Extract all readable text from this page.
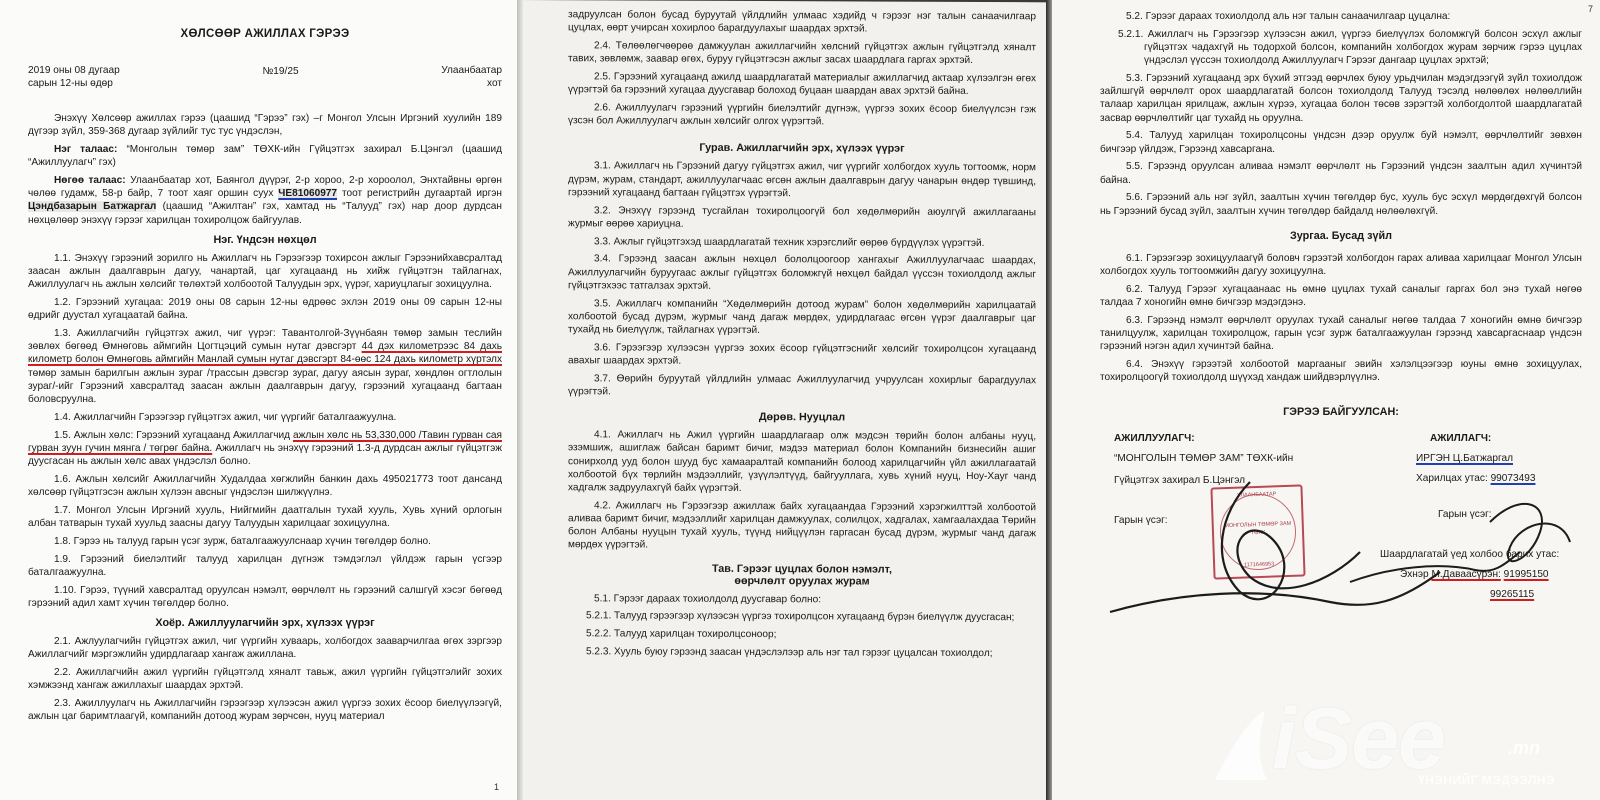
ХӨЛСӨӨР АЖИЛЛАХ ГЭРЭЭ
2019 оны 08 дугаар
сарын 12-ны өдөр
№19/25	Улаанбаатар
хот
Энэхүү Хөлсөөр ажиллах гэрээ (цаашид “Гэрээ” гэх) –г Монгол Улсын Иргэний хуулийн 189 дүгээр зүйл, 359-368 дугаар зүйлийг тус тус үндэслэн,
Нэг талаас: “Монголын төмөр зам” ТӨХК-ийн Гүйцэтгэх захирал Б.Цэнгэл (цаашид “Ажиллуулагч” гэх)
Нөгөө талаас: Улаанбаатар хот, Баянгол дүүрэг, 2-р хороо, 2-р хороолол, Энхтайвны өргөн чөлөө гудамж, 58-р байр, 7 тоот хаяг оршин суух ЧЕ81060977 тоот регистрийн дугаартай иргэн Цэндбазарын Батжаргал (цаашид “Ажилтан” гэх, хамтад нь “Талууд” гэх) нар доор дурдсан нөхцөлөөр энэхүү гэрээг харилцан тохиролцож байгуулав.
Нэг. Үндсэн нөхцөл
1.1. Энэхүү гэрээний зорилго нь Ажиллагч нь Гэрээгээр тохирсон ажлыг Гэрээнийхавсралтад заасан ажлын даалгаврын дагуу, чанартай, цаг хугацаанд нь хийж гүйцэтгэн тайлагнах, Ажиллуулагч нь ажлын хөлсийг төлөхтэй холбоотой Талуудын эрх, үүрэг, хариуцлагыг зохицуулна.
1.2. Гэрээний хугацаа: 2019 оны 08 сарын 12-ны өдрөөс эхлэн 2019 оны 09 сарын 12-ны өдрийг дуустал хугацаатай байна.
1.3. Ажиллагчийн гүйцэтгэх ажил, чиг үүрэг: Тавантолгой-Зүүнбаян төмөр замын теслийн зөвлөх бөгөөд Өмнөговь аймгийн Цогтцэций сумын нутаг дэвсгэрт 44 дэх километрээс 84 дахь километр болон Өмнөговь аймгийн Манлай сумын нутаг дэвсгэрт 84-өөс 124 дахь километр хүртэлх төмөр замын барилгын ажлын зураг /трассын дэвсгэр зураг, дагуу аясын зураг, хөндлөн огтлолын зураг/-ийг Гэрээний хавсралтад заасан ажлын даалгаврын дагуу, гэрээний хугацаанд багтаан боловсруулна.
1.4. Ажиллагчийн Гэрээгээр гүйцэтгэх ажил, чиг үүргийг баталгаажуулна.
1.5. Ажлын хөлс: Гэрээний хугацаанд Ажиллагчид ажлын хөлс нь 53,330,000 /Тавин гурван сая гурван зуун гучин мянга / төгрөг байна. Ажиллагч нь энэхүү гэрээний 1.3-д дурдсан ажлыг гүйцэтгэж дуусгасан нь ажлын хөлс авах үндэслэл болно.
1.6. Ажлын хөлсийг Ажиллагчийн Худалдаа хөгжлийн банкин дахь 495021773 тоот дансанд хөлсөөр гүйцэтгэсэн ажлын хүлээн авсныг үндэслэн шилжүүлнэ.
1.7. Монгол Улсын Иргэний хууль, Нийгмийн даатгалын тухай хууль, Хувь хүний орлогын албан татварын тухай хуульд заасны дагуу Талуудын харилцааг зохицуулна.
1.8. Гэрээ нь талууд гарын үсэг зурж, баталгаажуулснаар хүчин төгөлдөр болно.
1.9. Гэрээний биелэлтийг талууд харилцан дүгнэж тэмдэглэл үйлдэж гарын үсгээр баталгаажуулна.
1.10. Гэрээ, түүний хавсралтад оруулсан нэмэлт, өөрчлөлт нь гэрээний салшгүй хэсэг бөгөөд гэрээний адил хамт хүчин төгөлдөр болно.
Хоёр. Ажиллуулагчийн эрх, хүлээх үүрэг
2.1. Ажлуулагчийн гүйцэтгэх ажил, чиг үүргийн хуваарь, холбогдох зааварчилгаа өгөх зэргээр Ажиллагчийг мэргэжлийн удирдлагаар хангаж ажиллана.
2.2. Ажиллагчийн ажил үүргийн гүйцэтгэлд хяналт тавьж, ажил үүргийн гүйцэтгэлийг зохих хэмжээнд хангаж ажиллахыг шаардах эрхтэй.
2.3. Ажиллуулагч нь Ажиллагчийн гэрээгээр хүлээсэн ажил үүргээ зохих ёсоор биелүүлээгүй, ажлын цаг баримтлаагүй, компанийн дотоод журам зөрчсөн, нууц материал
1
задруулсан болон бусад буруутай үйлдлийн улмаас хэдийд ч гэрээг нэг талын санаачилгаар цуцлах, өөрт учирсан хохирлоо барагдуулахыг шаардах эрхтэй.
2.4. Төлөөлөгчөөрөө дамжуулан ажиллагчийн хөлсний гүйцэтгэх ажлын гүйцэтгэлд хяналт тавих, зөвлөмж, заавар өгөх, буруу гүйцэтгэсэн ажлыг засах шаардлага гаргах эрхтэй.
2.5. Гэрээний хугацаанд ажилд шаардлагатай материалыг ажиллагчид актаар хүлээлгэн өгөх үүрэгтэй ба гэрээний хугацаа дуусгавар болоход буцаан шаардан авах эрхтэй байна.
2.6. Ажиллуулагч гэрээний үүргийн биелэлтийг дүгнэж, үүргээ зохих ёсоор биелүүлсэн гэж үзсэн бол Ажиллуулагч ажлын хөлсийг олгох үүрэгтэй.
Гурав. Ажиллагчийн эрх, хүлээх үүрэг
3.1. Ажиллагч нь Гэрээний дагуу гүйцэтгэх ажил, чиг үүргийг холбогдох хууль тогтоомж, норм дүрэм, журам, стандарт, ажиллуулагчаас өгсөн ажлын даалгаврын дагуу чанарын өндөр түвшинд, гэрээний хугацаанд багтаан гүйцэтгэх үүрэгтэй.
3.2. Энэхүү гэрээнд тусгайлан тохиролцоогүй бол хөдөлмөрийн аюулгүй ажиллагааны журмыг өөрөө хариуцна.
3.3. Ажлыг гүйцэтгэхэд шаардлагатай техник хэрэгслийг өөрөө бүрдүүлэх үүрэгтэй.
3.4. Гэрээнд заасан ажлын нөхцөл бололцоогоор хангахыг Ажиллуулагчаас шаардах, Ажиллуулагчийн буруугаас ажлыг гүйцэтгэх боломжгүй нөхцөл байдал үүссэн тохиолдолд ажлыг гүйцэтгэхээс татгалзах эрхтэй.
3.5. Ажиллагч компанийн “Хөдөлмөрийн дотоод журам” болон хөдөлмөрийн харилцаатай холбоотой бусад дүрэм, журмыг чанд дагаж мөрдөх, удирдлагаас өгсөн үүрэг даалгаврыг цаг тухайд нь биелүүлж, тайлагнах үүрэгтэй.
3.6. Гэрээгээр хүлээсэн үүргээ зохих ёсоор гүйцэтгэснийг хөлсийг тохиролцсон хугацаанд авахыг шаардах эрхтэй.
3.7. Өөрийн буруутай үйлдлийн улмаас Ажиллуулагчид учруулсан хохирлыг барагдуулах үүрэгтэй.
Дөрөв. Нууцлал
4.1. Ажиллагч нь Ажил үүргийн шаардлагаар олж мэдсэн төрийн болон албаны нууц, эзэмшиж, ашиглаж байсан баримт бичиг, мэдээ материал болон Компанийн бизнесийн ашиг сонирхолд ууд болон шууд бус хамааралтай компанийн болоод харилцагчийн үйл ажиллагаатай холбоотой бүх төрлийн мэдээллийг, үзүүлэлтүүд, байгууллага, хувь хүний нууц, Ноу-Хауг чанд хадгалж задруулахгүй байх үүрэгтэй.
4.2. Ажиллагч нь Гэрээгээр ажиллаж байх хугацаандаа Гэрээний хэрэгжилттэй холбоотой аливаа баримт бичиг, мэдээллийг харилцан дамжуулах, солилцох, хадгалах, хамгаалахдаа Төрийн болон Албаны нууцын тухай хууль, түүнд нийцүүлэн гаргасан бусад дүрэм, журмыг чанд дагаж мөрдөх үүрэгтэй.
Тав. Гэрээг цуцлах болон нэмэлт,
өөрчлөлт оруулах журам
5.1. Гэрээг дараах тохиолдолд дуусгавар болно:
5.2.1. Талууд гэрээгээр хүлээсэн үүргээ тохиролцсон хугацаанд бүрэн биелүүлж дуусгасан;
5.2.2. Талууд харилцан тохиролцсоноор;
5.2.3. Хууль буюу гэрээнд заасан үндэслэлээр аль нэг тал гэрээг цуцалсан тохиолдол;
5.2. Гэрээг дараах тохиолдолд аль нэг талын санаачилгаар цуцална:
5.2.1. Ажиллагч нь Гэрээгээр хүлээсэн ажил, үүргээ биелүүлэх боломжгүй болсон эсхүл ажлыг гүйцэтгэх чадахгүй нь тодорхой болсон, компанийн холбогдох журам зөрчиж гэрээ цуцлах үндэслэл үүссэн тохиолдолд Ажиллуулагч Гэрээг дангаар цуцлах эрхтэй;
5.3. Гэрээний хугацаанд эрх бүхий этгээд өөрчлөх буюу урьдчилан мэдэгдээгүй зүйл тохиолдож зайлшгүй өөрчлөлт орох шаардлагатай болсон тохиолдолд Талууд тэсэлд нөлөөлөх нөлөөллийн талаар харилцан ярилцаж, ажлын хүрээ, хугацаа болон төсөв зэрэгтэй холбогдолтой шаардлагатай засвар өөрчлөлтийг цаг тухайд нь оруулна.
5.4. Талууд харилцан тохиролцсоны үндсэн дээр оруулж буй нэмэлт, өөрчлөлтийг зөвхөн бичгээр үйлдэж, Гэрээнд хавсаргана.
5.5. Гэрээнд оруулсан аливаа нэмэлт өөрчлөлт нь Гэрээний үндсэн заалтын адил хүчинтэй байна.
5.6. Гэрээний аль нэг зүйл, заалтын хүчин төгөлдөр бус, хууль бус эсхүл мөрдөгдөхгүй болсон нь Гэрээний бусад зүйл, заалтын хүчин төгөлдөр байдалд нөлөөлөхгүй.
Зургаа. Бусад зүйл
6.1. Гэрээгээр зохицуулаагүй боловч гэрээтэй холбогдон гарах аливаа харилцааг Монгол Улсын холбогдох хууль тогтоомжийн дагуу зохицуулна.
6.2. Талууд Гэрээг хугацаанаас нь өмнө цуцлах тухай саналыг гаргах бол энэ тухай нөгөө талдаа 7 хоногийн өмнө бичгээр мэдэгдэнэ.
6.3. Гэрээнд нэмэлт өөрчлөлт оруулах тухай саналыг нөгөө талдаа 7 хоногийн өмнө бичгээр танилцуулж, харилцан тохиролцож, гарын үсэг зурж баталгаажуулан гэрээнд хавсаргаснаар үндсэн гэрээний нэгэн адил хүчинтэй байна.
6.4. Энэхүү гэрээтэй холбоотой маргааныг эвийн хэлэлцээгээр юуны өмнө зохицуулах, тохиролцоогүй тохиолдолд шүүхэд хандаж шийдвэрлүүлнэ.
ГЭРЭЭ БАЙГУУЛСАН:
АЖИЛЛУУЛАГЧ:
“МОНГОЛЫН ТӨМӨР ЗАМ” ТӨХК-ийн
Гүйцэтгэх захирал Б.Цэнгэл
Гарын үсэг:
АЖИЛЛАГЧ:
ИРГЭН Ц.Батжаргал
Харилцах утас: 99073493
Гарын үсэг:
Шаардлагатай үед холбоо барих утас:
Эхнэр М.Даваасүрэн: 91995150
99265115
УЛААНБААТАР
МОНГОЛЫН ТӨМӨР ЗАМ
ТӨХК
1171646953
7
iSee	.mn
ҮНЭНИЙГ МЭДЭЭЛНЭ
